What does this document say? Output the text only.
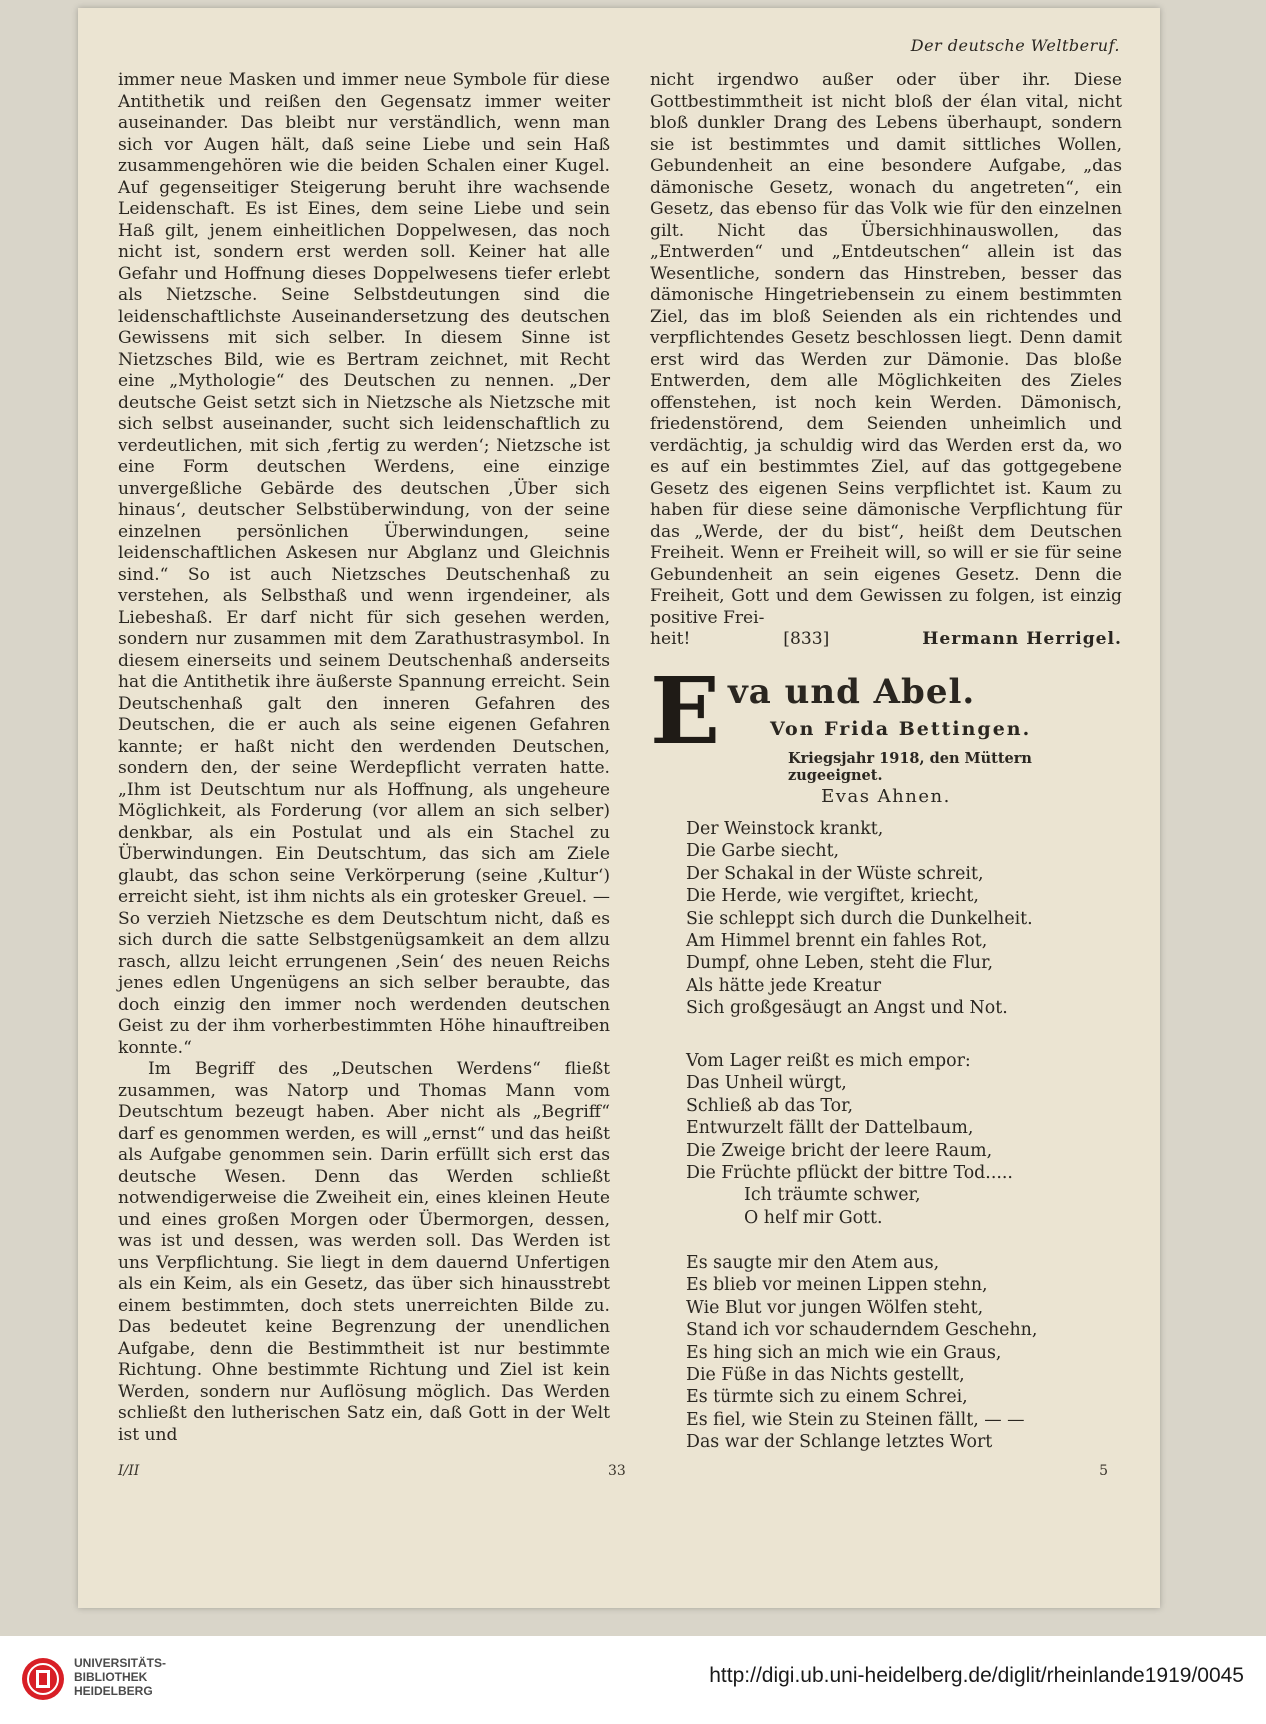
Der deutsche Weltberuf.

immer neue Masken und immer neue Symbole für diese Antithetik und reißen den Gegensatz immer weiter auseinander. Das bleibt nur verständlich, wenn man sich vor Augen hält, daß seine Liebe und sein Haß zusammengehören wie die beiden Schalen einer Kugel. Auf gegenseitiger Steigerung beruht ihre wachsende Leidenschaft. Es ist Eines, dem seine Liebe und sein Haß gilt, jenem einheitlichen Doppelwesen, das noch nicht ist, sondern erst werden soll. Keiner hat alle Gefahr und Hoffnung dieses Doppelwesens tiefer erlebt als Nietzsche. Seine Selbstdeutungen sind die leidenschaftlichste Auseinandersetzung des deutschen Gewissens mit sich selber. In diesem Sinne ist Nietzsches Bild, wie es Bertram zeichnet, mit Recht eine „Mythologie“ des Deutschen zu nennen. „Der deutsche Geist setzt sich in Nietzsche als Nietzsche mit sich selbst auseinander, sucht sich leidenschaftlich zu verdeutlichen, mit sich ‚fertig zu werden‘; Nietzsche ist eine Form deutschen Werdens, eine einzige unvergeßliche Gebärde des deutschen ‚Über sich hinaus‘, deutscher Selbstüberwindung, von der seine einzelnen persönlichen Überwindungen, seine leidenschaftlichen Askesen nur Abglanz und Gleichnis sind.“ So ist auch Nietzsches Deutschenhaß zu verstehen, als Selbsthaß und wenn irgendeiner, als Liebeshaß. Er darf nicht für sich gesehen werden, sondern nur zusammen mit dem Zarathustrasymbol. In diesem einerseits und seinem Deutschenhaß anderseits hat die Antithetik ihre äußerste Spannung erreicht. Sein Deutschenhaß galt den inneren Gefahren des Deutschen, die er auch als seine eigenen Gefahren kannte; er haßt nicht den werdenden Deutschen, sondern den, der seine Werdepflicht verraten hatte. „Ihm ist Deutschtum nur als Hoffnung, als ungeheure Möglichkeit, als Forderung (vor allem an sich selber) denkbar, als ein Postulat und als ein Stachel zu Überwindungen. Ein Deutschtum, das sich am Ziele glaubt, das schon seine Verkörperung (seine ‚Kultur‘) erreicht sieht, ist ihm nichts als ein grotesker Greuel. — So verzieh Nietzsche es dem Deutschtum nicht, daß es sich durch die satte Selbstgenügsamkeit an dem allzu rasch, allzu leicht errungenen ‚Sein‘ des neuen Reichs jenes edlen Ungenügens an sich selber beraubte, das doch einzig den immer noch werdenden deutschen Geist zu der ihm vorherbestimmten Höhe hinauftreiben konnte.“

Im Begriff des „Deutschen Werdens“ fließt zusammen, was Natorp und Thomas Mann vom Deutschtum bezeugt haben. Aber nicht als „Begriff“ darf es genommen werden, es will „ernst“ und das heißt als Aufgabe genommen sein. Darin erfüllt sich erst das deutsche Wesen. Denn das Werden schließt notwendigerweise die Zweiheit ein, eines kleinen Heute und eines großen Morgen oder Übermorgen, dessen, was ist und dessen, was werden soll. Das Werden ist uns Verpflichtung. Sie liegt in dem dauernd Unfertigen als ein Keim, als ein Gesetz, das über sich hinausstrebt einem bestimmten, doch stets unerreichten Bilde zu. Das bedeutet keine Begrenzung der unendlichen Aufgabe, denn die Bestimmtheit ist nur bestimmte Richtung. Ohne bestimmte Richtung und Ziel ist kein Werden, sondern nur Auflösung möglich. Das Werden schließt den lutherischen Satz ein, daß Gott in der Welt ist und

nicht irgendwo außer oder über ihr. Diese Gottbestimmtheit ist nicht bloß der élan vital, nicht bloß dunkler Drang des Lebens überhaupt, sondern sie ist bestimmtes und damit sittliches Wollen, Gebundenheit an eine besondere Aufgabe, „das dämonische Gesetz, wonach du angetreten“, ein Gesetz, das ebenso für das Volk wie für den einzelnen gilt. Nicht das Übersichhinauswollen, das „Entwerden“ und „Entdeutschen“ allein ist das Wesentliche, sondern das Hinstreben, besser das dämonische Hingetriebensein zu einem bestimmten Ziel, das im bloß Seienden als ein richtendes und verpflichtendes Gesetz beschlossen liegt. Denn damit erst wird das Werden zur Dämonie. Das bloße Entwerden, dem alle Möglichkeiten des Zieles offenstehen, ist noch kein Werden. Dämonisch, friedenstörend, dem Seienden unheimlich und verdächtig, ja schuldig wird das Werden erst da, wo es auf ein bestimmtes Ziel, auf das gottgegebene Gesetz des eigenen Seins verpflichtet ist. Kaum zu haben für diese seine dämonische Verpflichtung für das „Werde, der du bist“, heißt dem Deutschen Freiheit. Wenn er Freiheit will, so will er sie für seine Gebundenheit an sein eigenes Gesetz. Denn die Freiheit, Gott und dem Gewissen zu folgen, ist einzig positive Frei-

heit!	[833]	Hermann Herrigel.
E va und Abel.
Von Frida Bettingen.
Kriegsjahr 1918, den Müttern zugeeignet.
Evas Ahnen.
Der Weinstock krankt,
Die Garbe siecht,
Der Schakal in der Wüste schreit,
Die Herde, wie vergiftet, kriecht,
Sie schleppt sich durch die Dunkelheit.
Am Himmel brennt ein fahles Rot,
Dumpf, ohne Leben, steht die Flur,
Als hätte jede Kreatur
Sich großgesäugt an Angst und Not.
Vom Lager reißt es mich empor:
Das Unheil würgt,
Schließ ab das Tor,
Entwurzelt fällt der Dattelbaum,
Die Zweige bricht der leere Raum,
Die Früchte pflückt der bittre Tod.....
Ich träumte schwer,
O helf mir Gott.
Es saugte mir den Atem aus,
Es blieb vor meinen Lippen stehn,
Wie Blut vor jungen Wölfen steht,
Stand ich vor schauderndem Geschehn,
Es hing sich an mich wie ein Graus,
Die Füße in das Nichts gestellt,
Es türmte sich zu einem Schrei,
Es fiel, wie Stein zu Steinen fällt, — —
Das war der Schlange letztes Wort
I/II	33	5
UNIVERSITÄTS-
BIBLIOTHEK
HEIDELBERG
http://digi.ub.uni-heidelberg.de/diglit/rheinlande1919/0045
